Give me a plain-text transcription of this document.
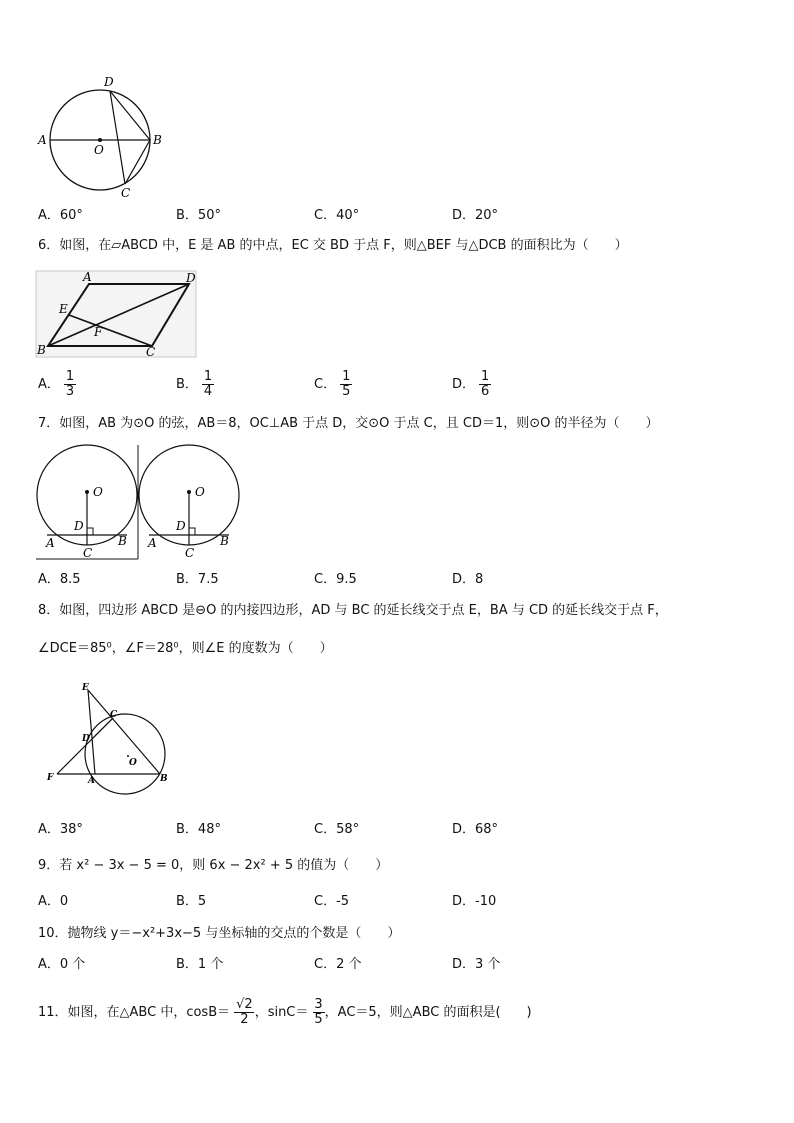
A	B
C
D
O
A．60°	B．50°	C．40°	D．20°
6．如图，在▱ABCD 中，E 是 AB 的中点，EC 交 BD 于点 F，则△BEF 与△DCB 的面积比为（　　）
A	D
E
F
B	C
A． $\frac{1}{3}$	B． $\frac{1}{4}$	C． $\frac{1}{5}$	D． $\frac{1}{6}$
7．如图，AB 为⊙O 的弦，AB＝8，OC⊥AB 于点 D，交⊙O 于点 C，且 CD＝1，则⊙O 的半径为（　　）
O
D
A	B
C
O
D
A	B
C
A．8.5	B．7.5	C．9.5	D．8
8．如图，四边形 ABCD 是⊖O 的内接四边形，AD 与 BC 的延长线交于点 E，BA 与 CD 的延长线交于点 F，
∠DCE＝85⁰，∠F＝28⁰，则∠E 的度数为（　　）
E
C
D
O
F	A	B
A．38°	B．48°	C．58°	D．68°
9．若 x² − 3x − 5 = 0，则 6x − 2x² + 5 的值为（　　）
A．0	B．5	C．-5	D．-10
10．抛物线 y＝−x²+3x−5 与坐标轴的交点的个数是（　　）
A．0 个	B．1 个	C．2 个	D．3 个
11．如图，在△ABC 中，$\cos B= \frac{√2}{2}$ ，$\sin C= \frac{3}{5}$ ，AC＝5，则△ABC 的面积是(　　)
